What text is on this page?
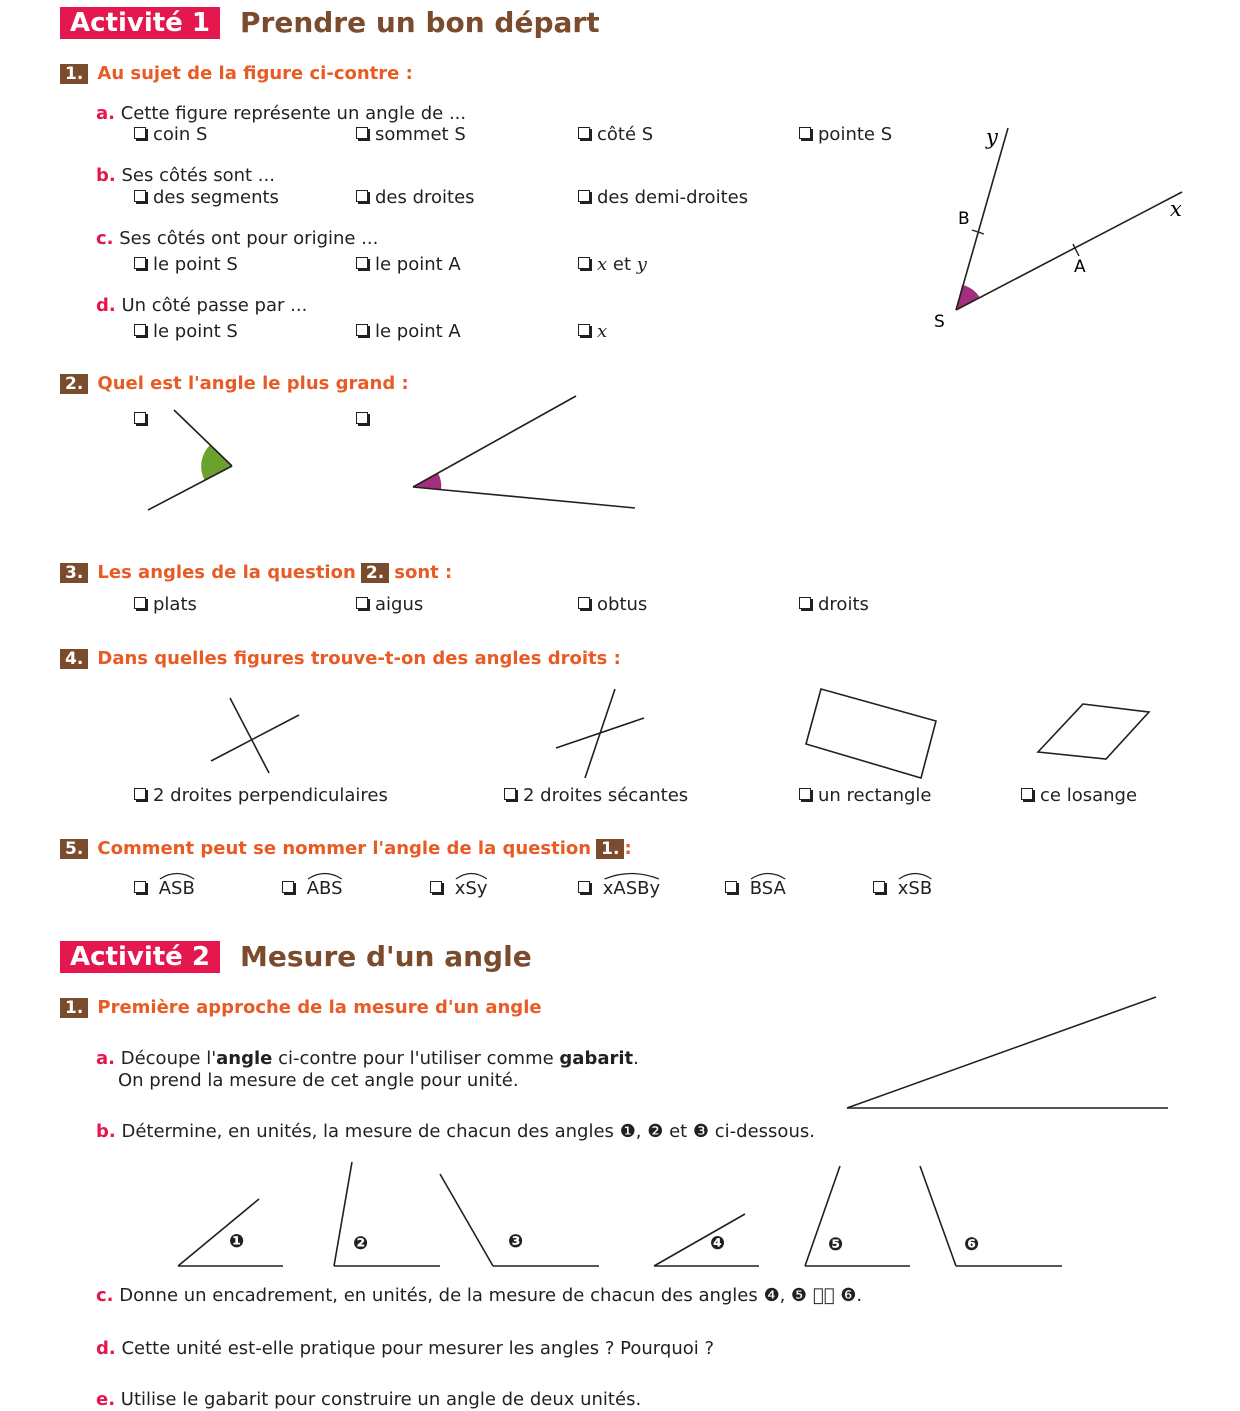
Activité 1	Prendre un bon départ
1. Au sujet de la figure ci-contre :
a. Cette figure représente un angle de ...
coin S	sommet S	côté S	pointe S
b. Ses côtés sont ...
des segments	des droites	des demi-droites
c. Ses côtés ont pour origine ...
le point S	le point A	x et y
d. Un côté passe par ...
le point S	le point A	x
y
x
B
A
S
2. Quel est l'angle le plus grand :
3. Les angles de la question 2. sont :
plats	aigus	obtus	droits
4. Dans quelles figures trouve-t-on des angles droits :
2 droites perpendiculaires	2 droites sécantes	un rectangle	ce losange
5. Comment peut se nommer l'angle de la question 1. :

ASB
	ABS
	xSy
	xASBy
	BSA
	xSB
Activité 2	Mesure d'un angle
1. Première approche de la mesure d'un angle
a. Découpe l'angle ci-contre pour l'utiliser comme gabarit.
On prend la mesure de cet angle pour unité.
b. Détermine, en unités, la mesure de chacun des angles ❶, ❷ et ❸ ci-dessous.
❶	❷	❸	❹	❺	❻
c. Donne un encadrement, en unités, de la mesure de chacun des angles ❹, ❺    ❻.
d. Cette unité est-elle pratique pour mesurer les angles ? Pourquoi ?
e. Utilise le gabarit pour construire un angle de deux unités.
